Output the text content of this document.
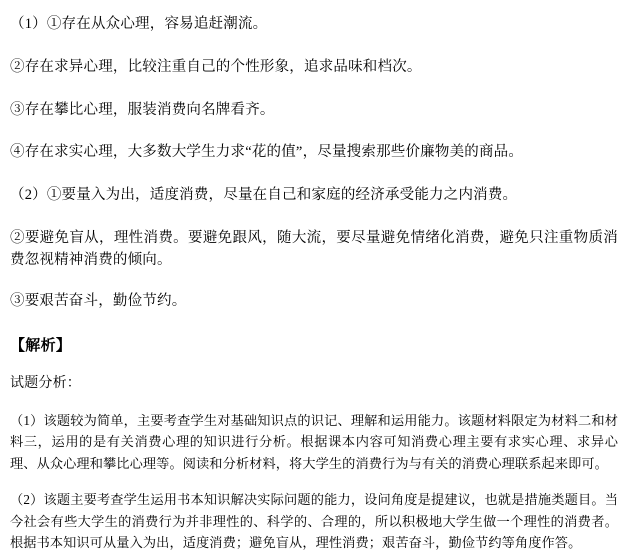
（1）①存在从众心理，容易追赶潮流。

②存在求异心理，比较注重自己的个性形象，追求品味和档次。

③存在攀比心理，服装消费向名牌看齐。

④存在求实心理，大多数大学生力求“花的值”，尽量搜索那些价廉物美的商品。

（2）①要量入为出，适度消费，尽量在自己和家庭的经济承受能力之内消费。

②要避免盲从，理性消费。要避免跟风，随大流，要尽量避免情绪化消费，避免只注重物质消费忽视精神消费的倾向。

③要艰苦奋斗，勤俭节约。

【解析】

试题分析：

（1）该题较为简单，主要考查学生对基础知识点的识记、理解和运用能力。该题材料限定为材料二和材料三，运用的是有关消费心理的知识进行分析。根据课本内容可知消费心理主要有求实心理、求异心理、从众心理和攀比心理等。阅读和分析材料，将大学生的消费行为与有关的消费心理联系起来即可。

（2）该题主要考查学生运用书本知识解决实际问题的能力，设问角度是提建议，也就是措施类题目。当今社会有些大学生的消费行为并非理性的、科学的、合理的，所以积极地大学生做一个理性的消费者。根据书本知识可从量入为出，适度消费；避免盲从，理性消费；艰苦奋斗，勤俭节约等角度作答。
